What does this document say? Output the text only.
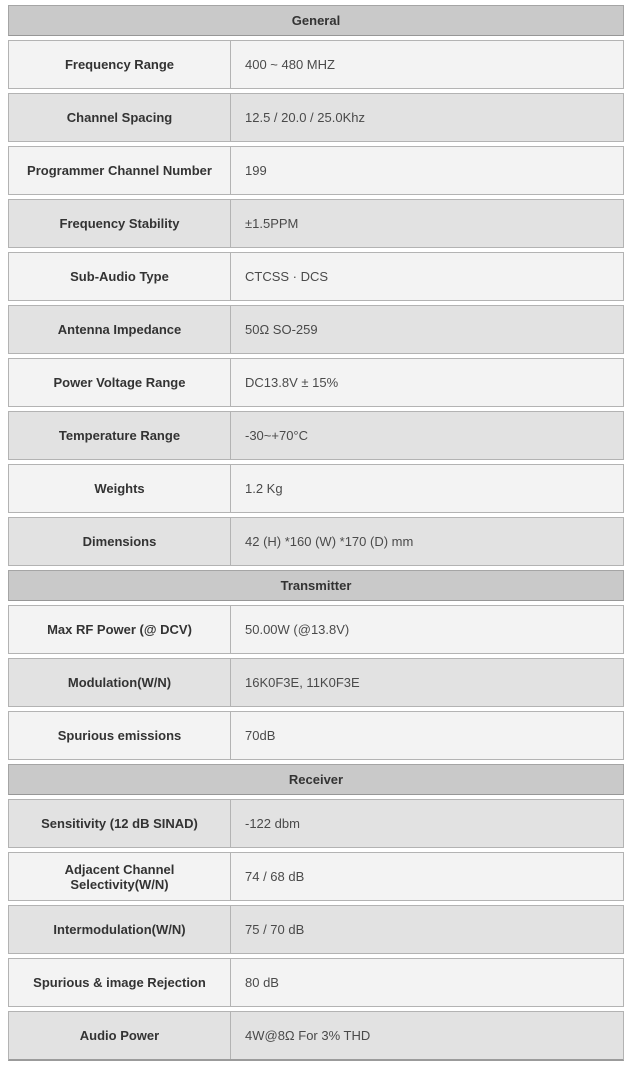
General
Frequency Range	400 ~ 480 MHZ
Channel Spacing	12.5 / 20.0 / 25.0Khz
Programmer Channel Number	199
Frequency Stability	±1.5PPM
Sub-Audio Type	CTCSS · DCS
Antenna Impedance	50Ω SO-259
Power Voltage Range	DC13.8V ± 15%
Temperature Range	-30~+70°C
Weights	1.2 Kg
Dimensions	42 (H) *160 (W) *170 (D) mm
Transmitter
Max RF Power (@ DCV)	50.00W (@13.8V)
Modulation(W/N)	16K0F3E, 11K0F3E
Spurious emissions	70dB
Receiver
Sensitivity (12 dB SINAD)	-122 dbm
Adjacent Channel Selectivity(W/N)	74 / 68 dB
Intermodulation(W/N)	75 / 70 dB
Spurious & image Rejection	80 dB
Audio Power	4W@8Ω For 3% THD
